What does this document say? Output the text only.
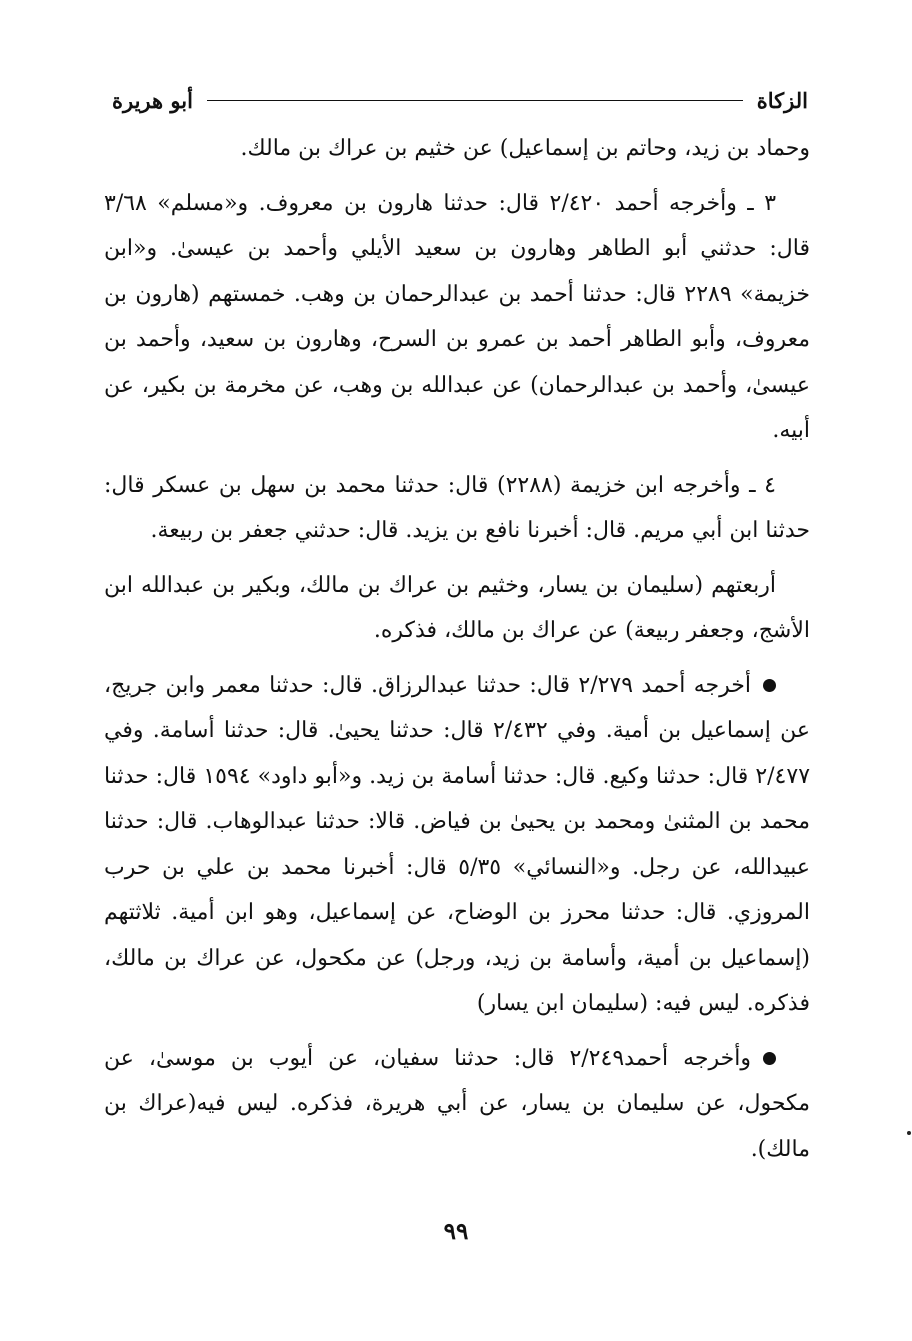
الزكاة
أبو هريرة

وحماد بن زيد، وحاتم بن إسماعيل) عن خثيم بن عراك بن مالك.

٣ ـ وأخرجه أحمد ٢/٤٢٠ قال: حدثنا هارون بن معروف. و«مسلم» ٣/٦٨ قال: حدثني أبو الطاهر وهارون بن سعيد الأيلي وأحمد بن عيسىٰ. و«ابن خزيمة» ٢٢٨٩ قال: حدثنا أحمد بن عبدالرحمان بن وهب. خمستهم (هارون بن معروف، وأبو الطاهر أحمد بن عمرو بن السرح، وهارون بن سعيد، وأحمد بن عيسىٰ، وأحمد بن عبدالرحمان) عن عبدالله بن وهب، عن مخرمة بن بكير، عن أبيه.

٤ ـ وأخرجه ابن خزيمة (٢٢٨٨) قال: حدثنا محمد بن سهل بن عسكر قال: حدثنا ابن أبي مريم. قال: أخبرنا نافع بن يزيد. قال: حدثني جعفر بن ربيعة.

أربعتهم (سليمان بن يسار، وخثيم بن عراك بن مالك، وبكير بن عبدالله ابن الأشج، وجعفر ربيعة) عن عراك بن مالك، فذكره.

أخرجه أحمد ٢/٢٧٩ قال: حدثنا عبدالرزاق. قال: حدثنا معمر وابن جريج، عن إسماعيل بن أمية. وفي ٢/٤٣٢ قال: حدثنا يحيىٰ. قال: حدثنا أسامة. وفي ٢/٤٧٧ قال: حدثنا وكيع. قال: حدثنا أسامة بن زيد. و«أبو داود» ١٥٩٤ قال: حدثنا محمد بن المثنىٰ ومحمد بن يحيىٰ بن فياض. قالا: حدثنا عبدالوهاب. قال: حدثنا عبيدالله، عن رجل. و«النسائي» ٥/٣٥ قال: أخبرنا محمد بن علي بن حرب المروزي. قال: حدثنا محرز بن الوضاح، عن إسماعيل، وهو ابن أمية. ثلاثتهم (إسماعيل بن أمية، وأسامة بن زيد، ورجل) عن مكحول، عن عراك بن مالك، فذكره. ليس فيه: (سليمان ابن يسار)

وأخرجه أحمد٢/٢٤٩ قال: حدثنا سفيان، عن أيوب بن موسىٰ، عن مكحول، عن سليمان بن يسار، عن أبي هريرة، فذكره. ليس فيه(عراك بن مالك).

٩٩
